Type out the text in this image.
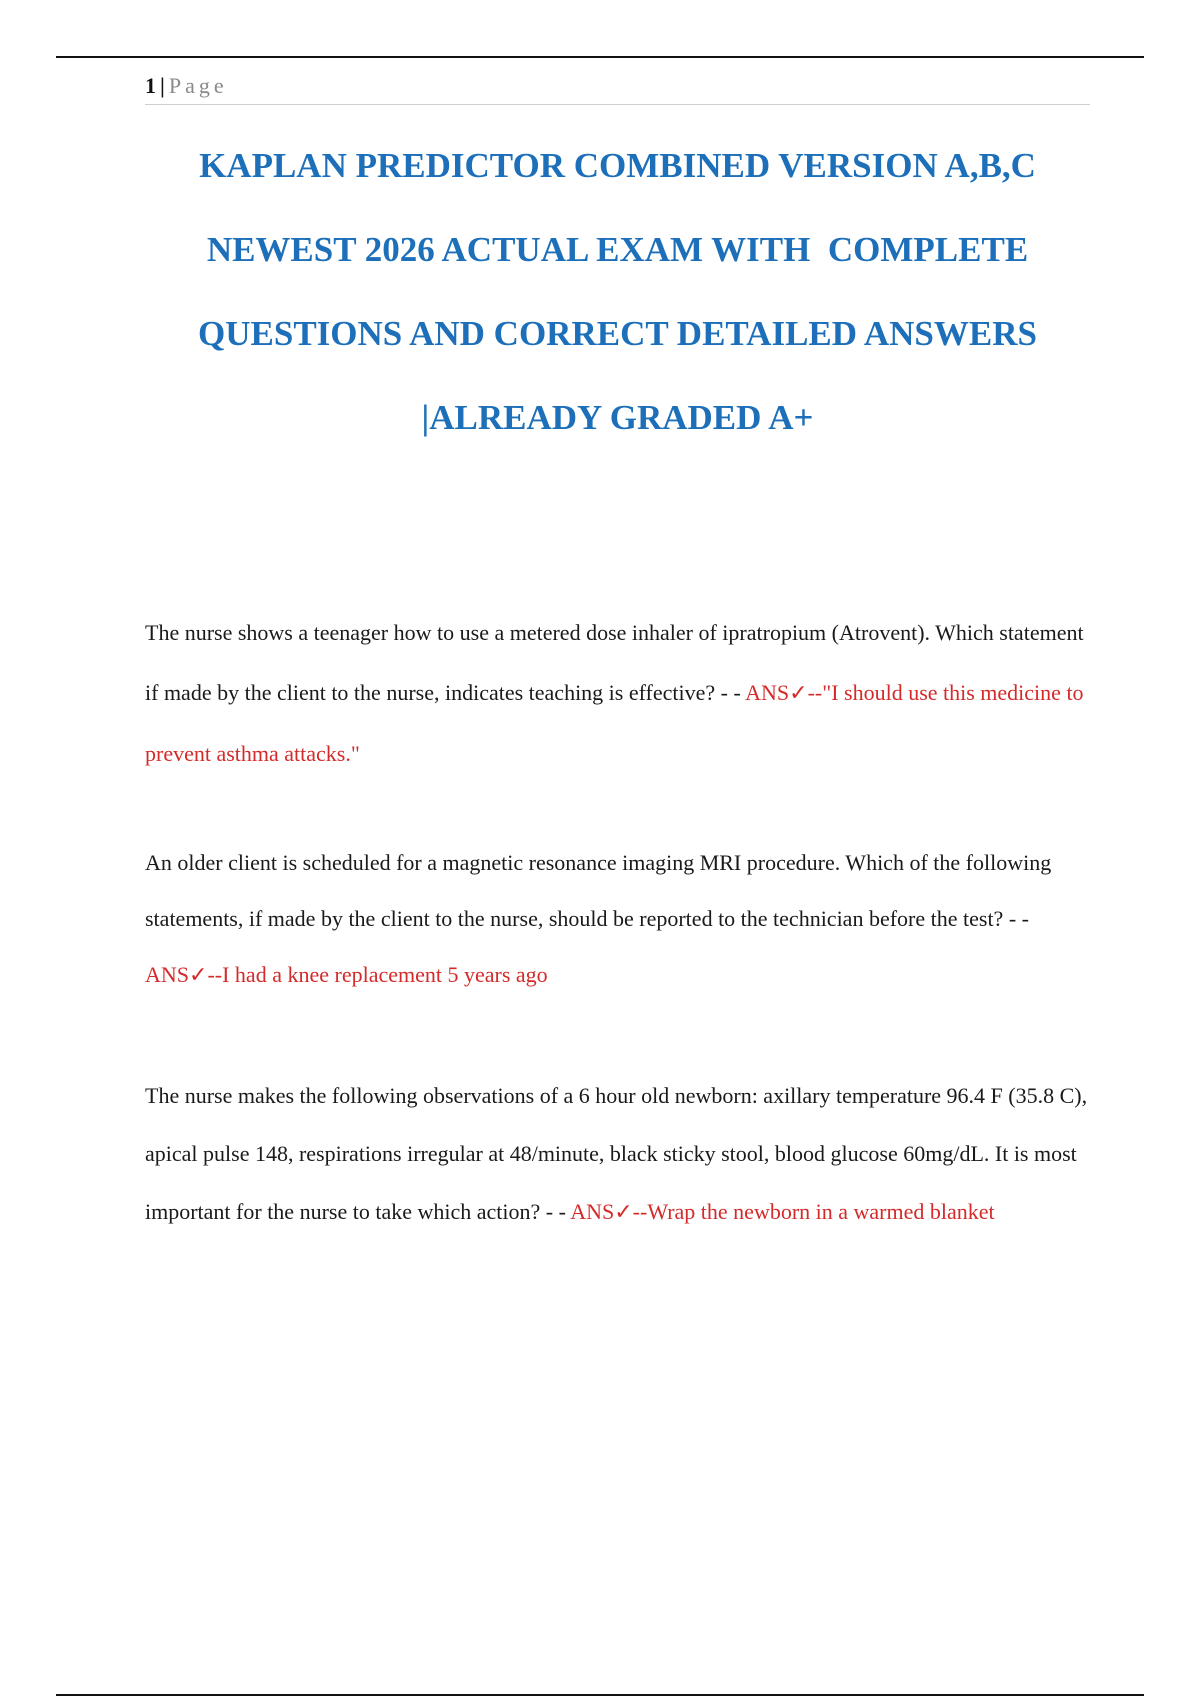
1 | Page
KAPLAN PREDICTOR COMBINED VERSION A,B,C
NEWEST 2026 ACTUAL EXAM WITH  COMPLETE
QUESTIONS AND CORRECT DETAILED ANSWERS
|ALREADY GRADED A+
The nurse shows a teenager how to use a metered dose inhaler of ipratropium (Atrovent). Which statement if made by the client to the nurse, indicates teaching is effective? - - ANS✓--"I should use this medicine to prevent asthma attacks."
An older client is scheduled for a magnetic resonance imaging MRI procedure. Which of the following statements, if made by the client to the nurse, should be reported to the technician before the test? - - ANS✓--I had a knee replacement 5 years ago
The nurse makes the following observations of a 6 hour old newborn: axillary temperature 96.4 F (35.8 C), apical pulse 148, respirations irregular at 48/minute, black sticky stool, blood glucose 60mg/dL. It is most important for the nurse to take which action? - - ANS✓--Wrap the newborn in a warmed blanket
